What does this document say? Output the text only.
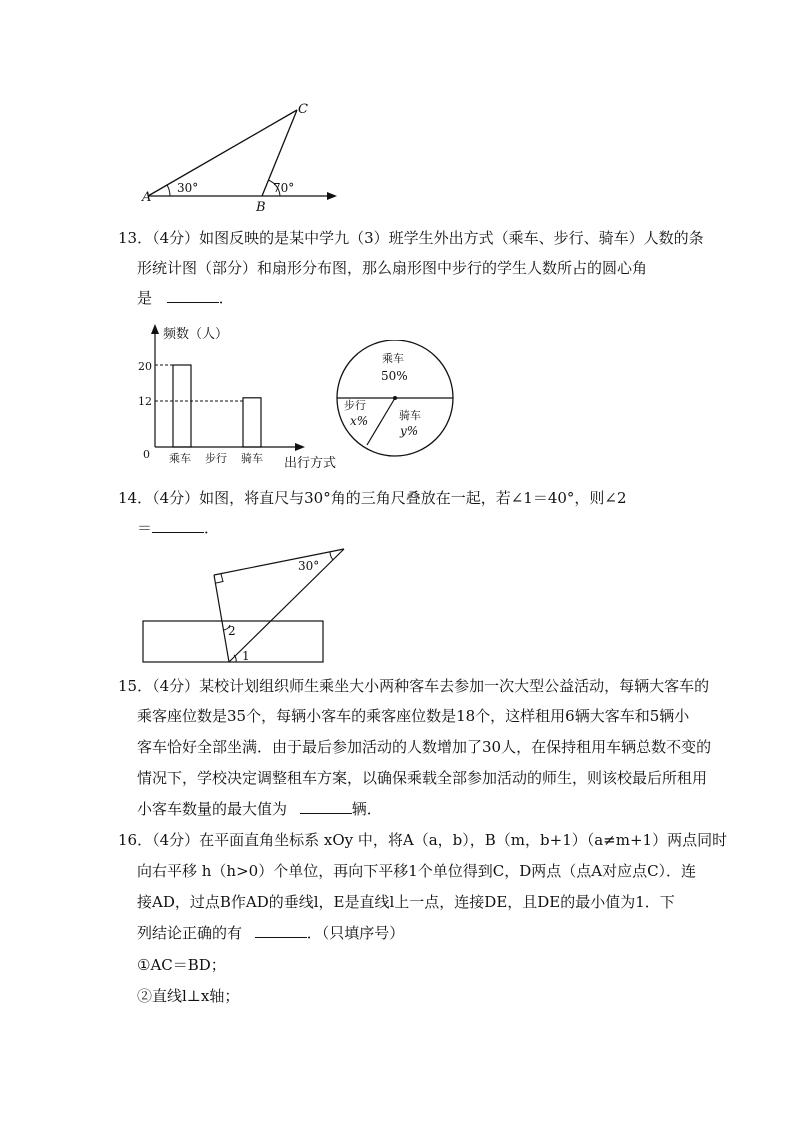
A
B
C
30°	70°
13．（4分）如图反映的是某中学九（3）班学生外出方式（乘车、步行、骑车）人数的条
形统计图（部分）和扇形分布图，那么扇形图中步行的学生人数所占的圆心角
是	．
频数（人）
出行方式
20
12
0 乘车 步行 骑车
乘车
50%
步行
x%	骑车
y%
14．（4分）如图，将直尺与30°角的三角尺叠放在一起，若∠1＝40°，则∠2
＝	．
30°
2
1
15．（4分）某校计划组织师生乘坐大小两种客车去参加一次大型公益活动，每辆大客车的
乘客座位数是35个，每辆小客车的乘客座位数是18个，这样租用6辆大客车和5辆小
客车恰好全部坐满．由于最后参加活动的人数增加了30人，在保持租用车辆总数不变的
情况下，学校决定调整租车方案，以确保乘载全部参加活动的师生，则该校最后所租用
小客车数量的最大值为	辆．
16．（4分）在平面直角坐标系 xOy 中，将A（a，b），B（m，b+1）（a≠m+1）两点同时
向右平移 h（h>0）个单位，再向下平移1个单位得到C，D两点（点A对应点C）．连
接AD，过点B作AD的垂线l，E是直线l上一点，连接DE，且DE的最小值为1．下
列结论正确的有	．（只填序号）
①AC＝BD；
②直线l⊥x轴；
